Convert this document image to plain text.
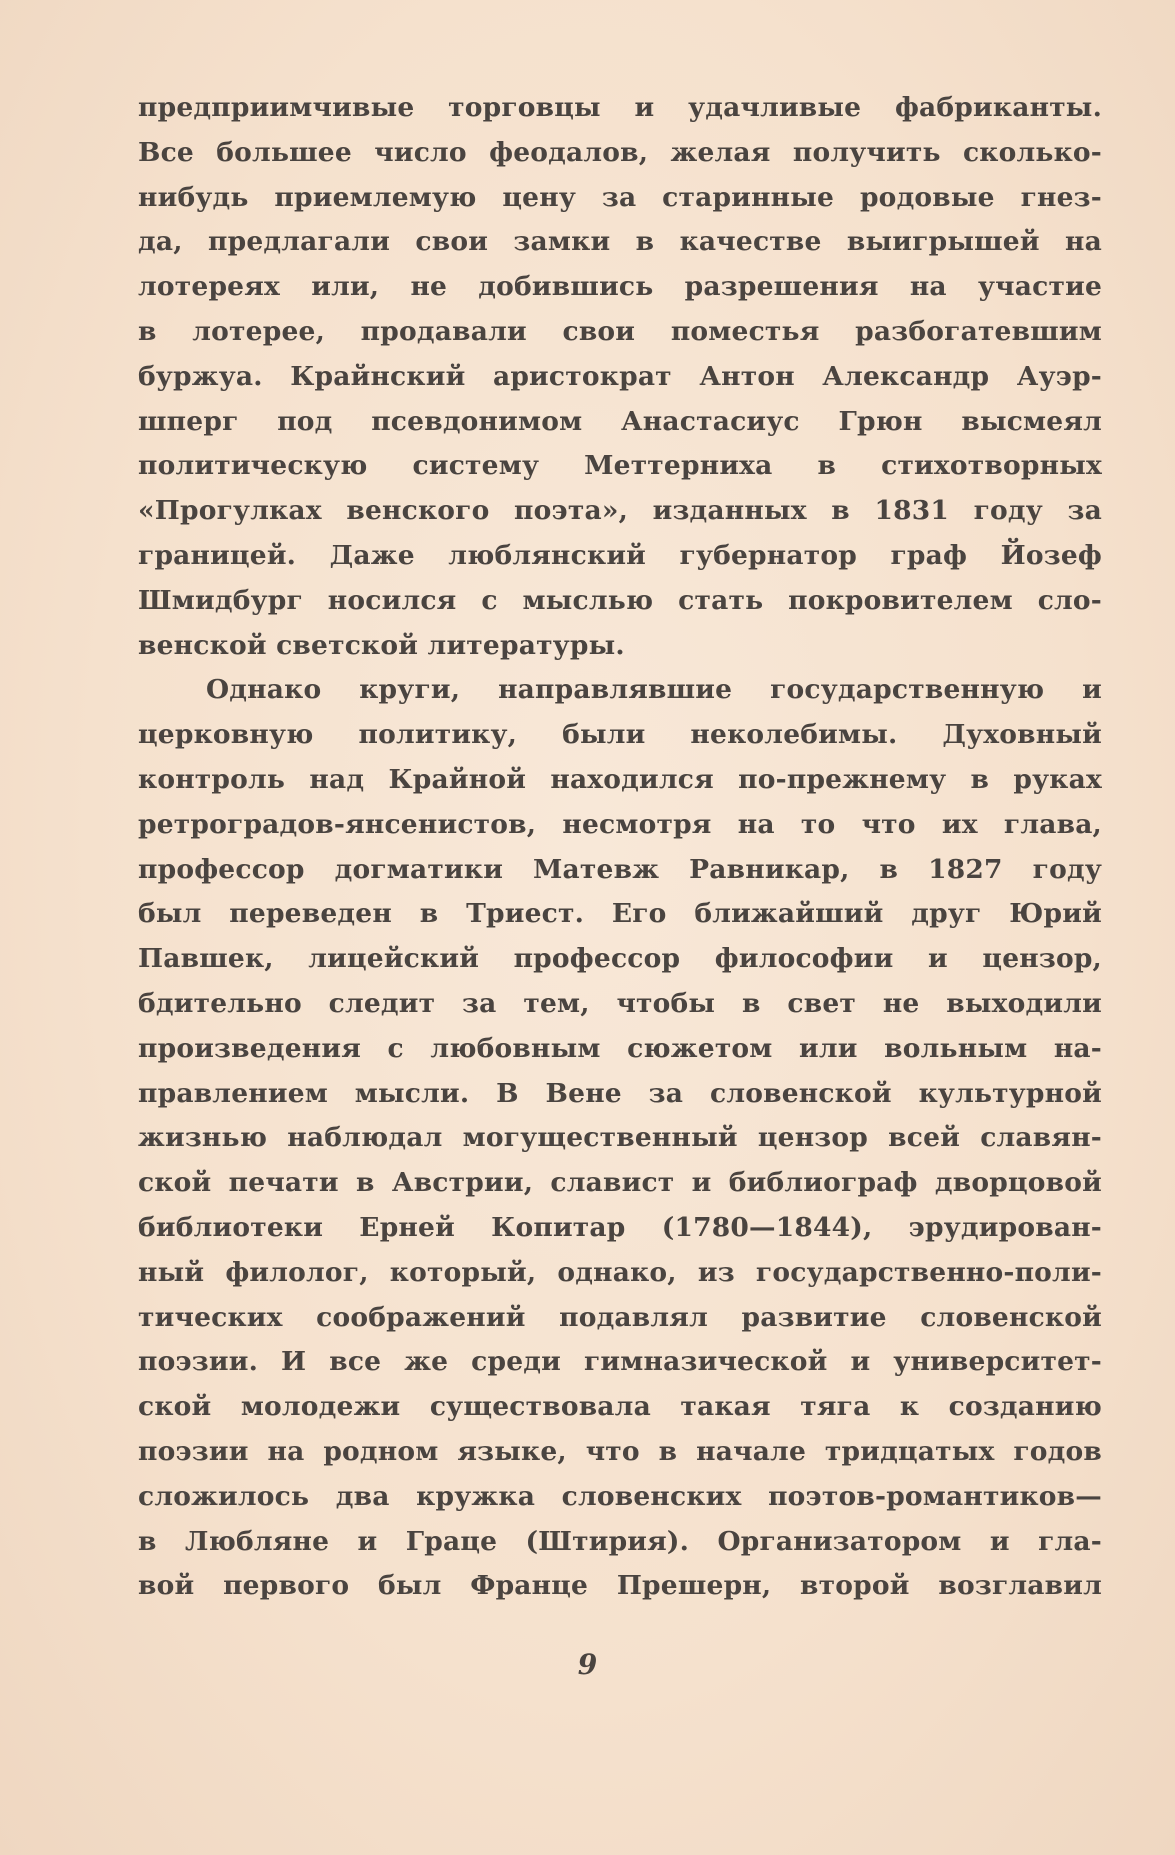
предприимчивые торговцы и удачливые фабриканты.
Все большее число феодалов, желая получить сколько-
нибудь приемлемую цену за старинные родовые гнез-
да, предлагали свои замки в качестве выигрышей на
лотереях или, не добившись разрешения на участие
в лотерее, продавали свои поместья разбогатевшим
буржуа. Крайнский аристократ Антон Александр Ауэр-
шперг под псевдонимом Анастасиус Грюн высмеял
политическую систему Меттерниха в стихотворных
«Прогулках венского поэта», изданных в 1831 году за
границей. Даже люблянский губернатор граф Йозеф
Шмидбург носился с мыслью стать покровителем сло-
венской светской литературы.
Однако круги, направлявшие государственную и
церковную политику, были неколебимы. Духовный
контроль над Крайной находился по-прежнему в руках
ретроградов-янсенистов, несмотря на то что их глава,
профессор догматики Матевж Равникар, в 1827 году
был переведен в Триест. Его ближайший друг Юрий
Павшек, лицейский профессор философии и цензор,
бдительно следит за тем, чтобы в свет не выходили
произведения с любовным сюжетом или вольным на-
правлением мысли. В Вене за словенской культурной
жизнью наблюдал могущественный цензор всей славян-
ской печати в Австрии, славист и библиограф дворцовой
библиотеки Ерней Копитар (1780—1844), эрудирован-
ный филолог, который, однако, из государственно-поли-
тических соображений подавлял развитие словенской
поэзии. И все же среди гимназической и университет-
ской молодежи существовала такая тяга к созданию
поэзии на родном языке, что в начале тридцатых годов
сложилось два кружка словенских поэтов-романтиков—
в Любляне и Граце (Штирия). Организатором и гла-
вой первого был Франце Прешерн, второй возглавил
9
